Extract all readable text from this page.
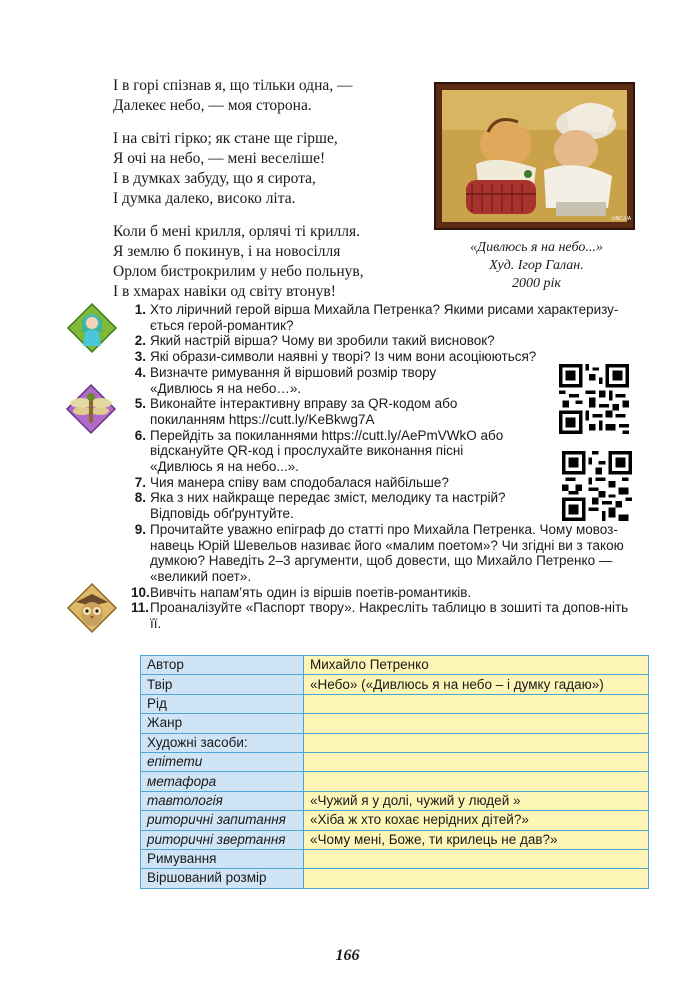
І в горі спізнав я, що тільки одна, —
Далекеє небо, — моя сторона.
І на світі гірко; як стане ще гірше,
Я очі на небо, — мені веселіше!
І в думках забуду, що я сирота,
І думка далеко, високо літа.
Коли б мені крилля, орлячі ті крилля.
Я землю б покинув, і на новосілля
Орлом бистрокрилим у небо польнув,
І в хмарах навіки од світу втонув!
UNC.UA
«Дивлюсь я на небо...»
Худ. Ігор Галан.
2000 рік
1. Хто ліричний герой вірша Михайла Петренка? Якими рисами характеризу-ється герой-романтик?
2. Який настрій вірша? Чому ви зробили такий висновок?
3. Які образи-символи наявні у творі? Із чим вони асоціюються?
4. Визначте римування й віршовий розмір твору «Дивлюсь я на небо…».
5. Виконайте інтерактивну вправу за QR-кодом або покиланням https://cutt.ly/KeBkwg7A
6. Перейдіть за покиланнями https://cutt.ly/AePmVWkO або відскануйте QR-код і прослухайте виконання пісні «Дивлюсь я на небо...».
7. Чия манера співу вам сподобалася найбільше?
8. Яка з них найкраще передає зміст, мелодику та настрій? Відповідь обґрунтуйте.
9. Прочитайте уважно епіграф до статті про Михайла Петренка. Чому мовоз-навець Юрій Шевельов називає його «малим поетом»? Чи згідні ви з такою думкою? Наведіть 2–3 аргументи, щоб довести, що Михайло Петренко — «великий поет».
10. Вивчіть напам’ять один із віршів поетів-романтиків.
11. Проаналізуйте «Паспорт твору». Накресліть таблицю в зошиті та допов-ніть її.
Автор	Михайло Петренко
Твір	«Небо» («Дивлюсь я на небо – і думку гадаю»)
Рід	
Жанр	
Художні засоби:	
епітети	
метафора	
тавтологія	«Чужий я у долі, чужий у людей »
риторичні запитання	«Хіба ж хто кохає нерідних дітей?»
риторичні звертання	«Чому мені, Боже, ти крилець не дав?»
Римування	
Віршований розмір	
166
